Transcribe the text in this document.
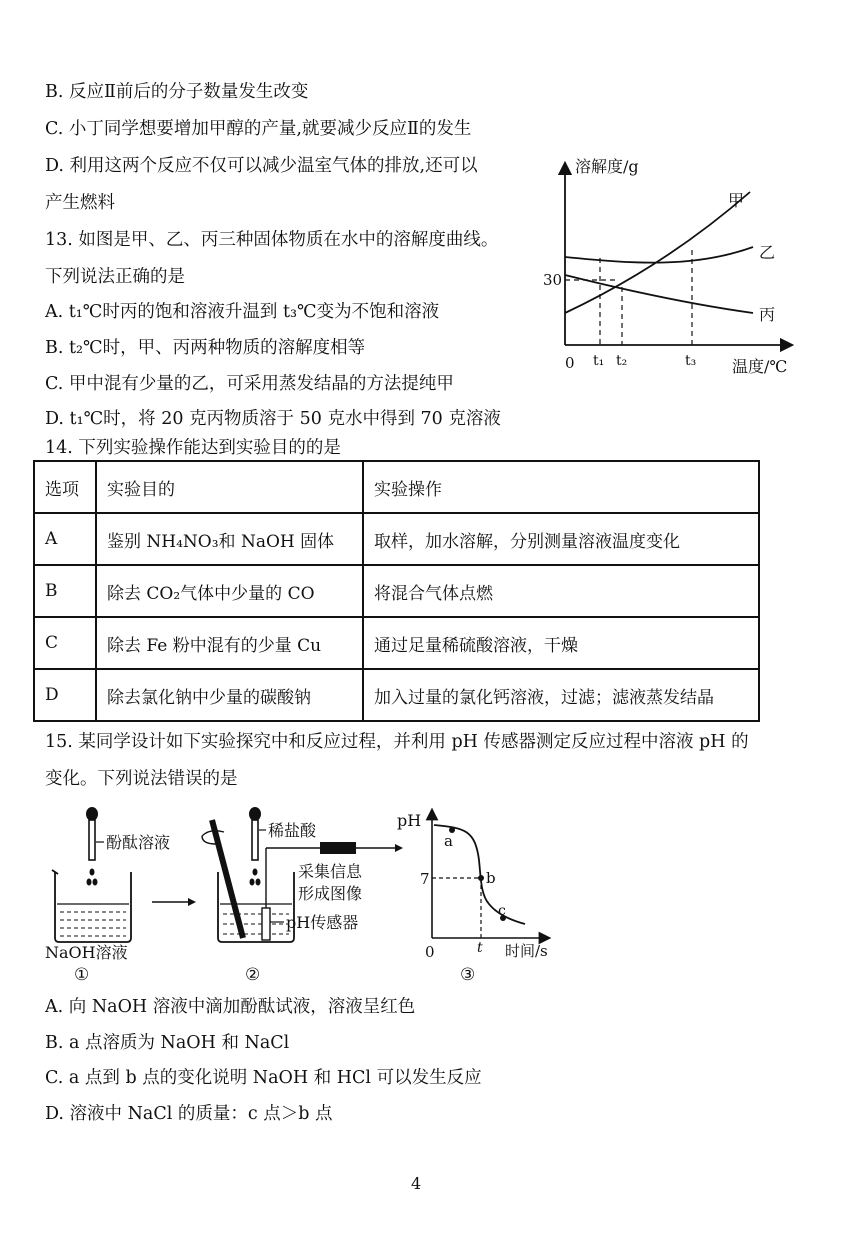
B. 反应Ⅱ前后的分子数量发生改变
C. 小丁同学想要增加甲醇的产量,就要减少反应Ⅱ的发生
D. 利用这两个反应不仅可以减少温室气体的排放,还可以
产生燃料
13. 如图是甲、乙、丙三种固体物质在水中的溶解度曲线。
下列说法正确的是
A. t₁℃时丙的饱和溶液升温到 t₃℃变为不饱和溶液
B. t₂℃时，甲、丙两种物质的溶解度相等
C. 甲中混有少量的乙，可采用蒸发结晶的方法提纯甲
D. t₁℃时，将 20 克丙物质溶于 50 克水中得到 70 克溶液
溶解度/g
温度/℃
0
30
甲
乙
丙
t₁ t₂	t₃
14. 下列实验操作能达到实验目的的是
选项	实验目的	实验操作
A	鉴别 NH₄NO₃和 NaOH 固体	取样，加水溶解，分别测量溶液温度变化
B	除去 CO₂气体中少量的 CO	将混合气体点燃
C	除去 Fe 粉中混有的少量 Cu	通过足量稀硫酸溶液，干燥
D	除去氯化钠中少量的碳酸钠	加入过量的氯化钙溶液，过滤；滤液蒸发结晶
15. 某同学设计如下实验探究中和反应过程，并利用 pH 传感器测定反应过程中溶液 pH 的
变化。下列说法错误的是
酚酞溶液
NaOH溶液
①
稀盐酸
采集信息
形成图像
pH传感器
②
pH
0
7
t 时间/s
a
b
c
③
A. 向 NaOH 溶液中滴加酚酞试液，溶液呈红色
B. a 点溶质为 NaOH 和 NaCl
C. a 点到 b 点的变化说明 NaOH 和 HCl 可以发生反应
D. 溶液中 NaCl 的质量：c 点＞b 点
4
